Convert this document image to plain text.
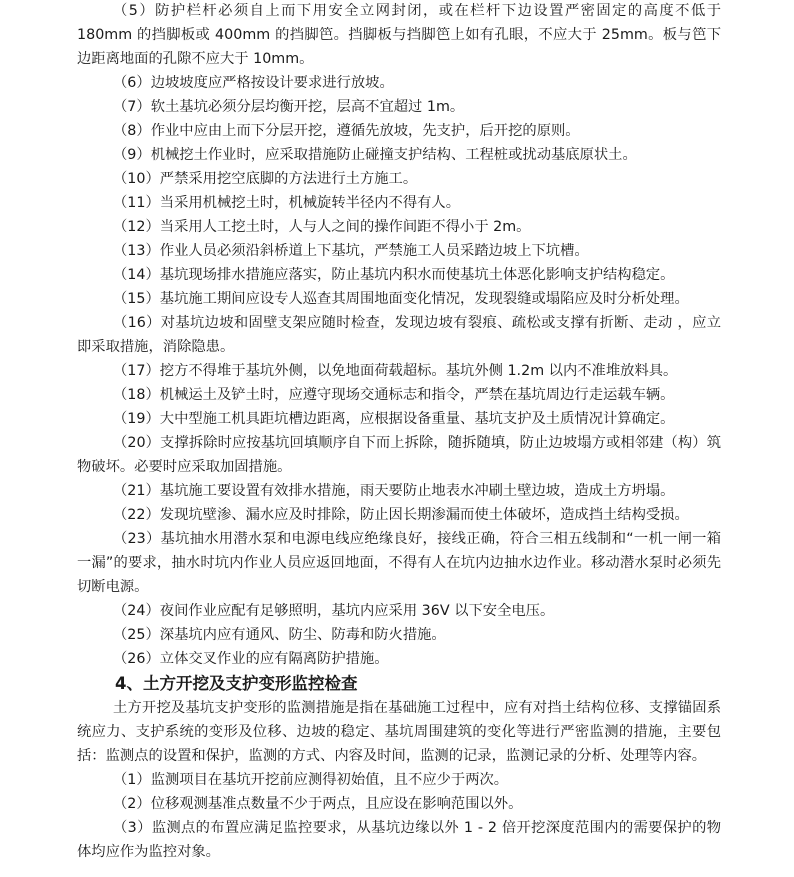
（5）防护栏杆必须自上而下用安全立网封闭，或在栏杆下边设置严密固定的高度不低于 180mm 的挡脚板或 400mm 的挡脚笆。挡脚板与挡脚笆上如有孔眼，不应大于 25mm。板与笆下边距离地面的孔隙不应大于 10mm。

（6）边坡坡度应严格按设计要求进行放坡。

（7）软土基坑必须分层均衡开挖，层高不宜超过 1m。

（8）作业中应由上而下分层开挖，遵循先放坡，先支护，后开挖的原则。

（9）机械挖土作业时，应采取措施防止碰撞支护结构、工程桩或扰动基底原状土。

（10）严禁采用挖空底脚的方法进行土方施工。

（11）当采用机械挖土时，机械旋转半径内不得有人。

（12）当采用人工挖土时，人与人之间的操作间距不得小于 2m。

（13）作业人员必须沿斜桥道上下基坑，严禁施工人员采踏边坡上下坑槽。

（14）基坑现场排水措施应落实，防止基坑内积水而使基坑土体恶化影响支护结构稳定。

（15）基坑施工期间应设专人巡查其周围地面变化情况，发现裂缝或塌陷应及时分析处理。

（16）对基坑边坡和固壁支架应随时检查，发现边坡有裂痕、疏松或支撑有折断、走动 ，应立即采取措施，消除隐患。

（17）挖方不得堆于基坑外侧，以免地面荷载超标。基坑外侧 1.2m 以内不准堆放料具。

（18）机械运土及铲土时，应遵守现场交通标志和指令，严禁在基坑周边行走运载车辆。

（19）大中型施工机具距坑槽边距离，应根据设备重量、基坑支护及土质情况计算确定。

（20）支撑拆除时应按基坑回填顺序自下而上拆除，随拆随填，防止边坡塌方或相邻建（构）筑物破坏。必要时应采取加固措施。

（21）基坑施工要设置有效排水措施，雨天要防止地表水冲刷土壁边坡，造成土方坍塌。

（22）发现坑壁渗、漏水应及时排除，防止因长期渗漏而使土体破坏，造成挡土结构受损。

（23）基坑抽水用潜水泵和电源电线应绝缘良好，接线正确，符合三相五线制和“一机一闸一箱一漏”的要求，抽水时坑内作业人员应返回地面，不得有人在坑内边抽水边作业。移动潜水泵时必须先切断电源。

（24）夜间作业应配有足够照明，基坑内应采用 36V 以下安全电压。

（25）深基坑内应有通风、防尘、防毒和防火措施。

（26）立体交叉作业的应有隔离防护措施。

4、土方开挖及支护变形监控检查

土方开挖及基坑支护变形的监测措施是指在基础施工过程中，应有对挡土结构位移、支撑锚固系统应力、支护系统的变形及位移、边坡的稳定、基坑周围建筑的变化等进行严密监测的措施，主要包括：监测点的设置和保护，监测的方式、内容及时间，监测的记录，监测记录的分析、处理等内容。

（1）监测项目在基坑开挖前应测得初始值，且不应少于两次。

（2）位移观测基准点数量不少于两点，且应设在影响范围以外。

（3）监测点的布置应满足监控要求，从基坑边缘以外 1 - 2 倍开挖深度范围内的需要保护的物体均应作为监控对象。
